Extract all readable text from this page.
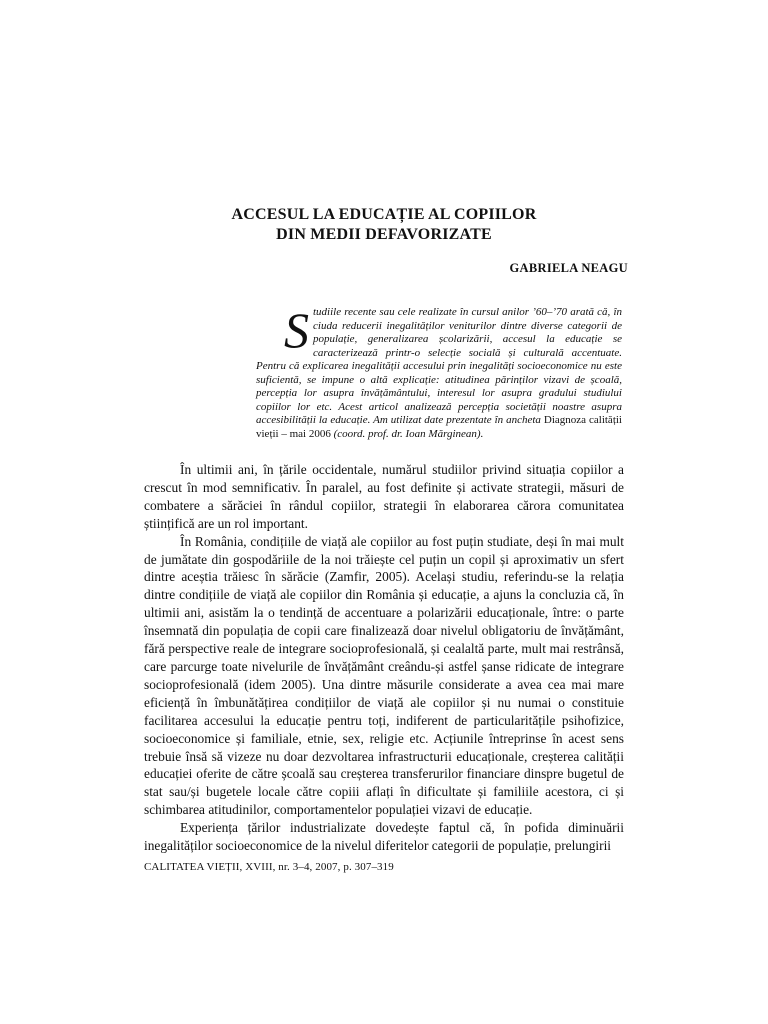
ACCESUL LA EDUCAȚIE AL COPIILOR
DIN MEDII DEFAVORIZATE
GABRIELA NEAGU
Studiile recente sau cele realizate în cursul anilor ’60–’70 arată că, în ciuda reducerii inegalităților veniturilor dintre diverse categorii de populație, generalizarea școlarizării, accesul la educație se caracterizează printr-o selecție socială și culturală accentuate. Pentru că explicarea inegalității accesului prin inegalități socioeconomice nu este suficientă, se impune o altă explicație: atitudinea părinților vizavi de școală, percepția lor asupra învățământului, interesul lor asupra gradului studiului copiilor lor etc. Acest articol analizează percepția societății noastre asupra accesibilității la educație. Am utilizat date prezentate în ancheta Diagnoza calității vieții – mai 2006 (coord. prof. dr. Ioan Mărginean).

În ultimii ani, în țările occidentale, numărul studiilor privind situația copiilor a crescut în mod semnificativ. În paralel, au fost definite și activate strategii, măsuri de combatere a sărăciei în rândul copiilor, strategii în elaborarea cărora comunitatea științifică are un rol important.

În România, condițiile de viață ale copiilor au fost puțin studiate, deși în mai mult de jumătate din gospodăriile de la noi trăiește cel puțin un copil și aproximativ un sfert dintre aceștia trăiesc în sărăcie (Zamfir, 2005). Același studiu, referindu-se la relația dintre condițiile de viață ale copiilor din România și educație, a ajuns la concluzia că, în ultimii ani, asistăm la o tendință de accentuare a polarizării educaționale, între: o parte însemnată din populația de copii care finalizează doar nivelul obligatoriu de învățământ, fără perspective reale de integrare socioprofesională, și cealaltă parte, mult mai restrânsă, care parcurge toate nivelurile de învățământ creându-și astfel șanse ridicate de integrare socioprofesională (idem 2005). Una dintre măsurile considerate a avea cea mai mare eficiență în îmbunătățirea condițiilor de viață ale copiilor și nu numai o constituie facilitarea accesului la educație pentru toți, indiferent de particularitățile psihofizice, socioeconomice și familiale, etnie, sex, religie etc. Acțiunile întreprinse în acest sens trebuie însă să vizeze nu doar dezvoltarea infrastructurii educaționale, creșterea calității educației oferite de către școală sau creșterea transferurilor financiare dinspre bugetul de stat sau/și bugetele locale către copiii aflați în dificultate și familiile acestora, ci și schimbarea atitudinilor, comportamentelor populației vizavi de educație.

Experiența țărilor industrializate dovedește faptul că, în pofida diminuării inegalităților socioeconomice de la nivelul diferitelor categorii de populație, prelungirii

CALITATEA VIEȚII, XVIII, nr. 3–4, 2007, p. 307–319
